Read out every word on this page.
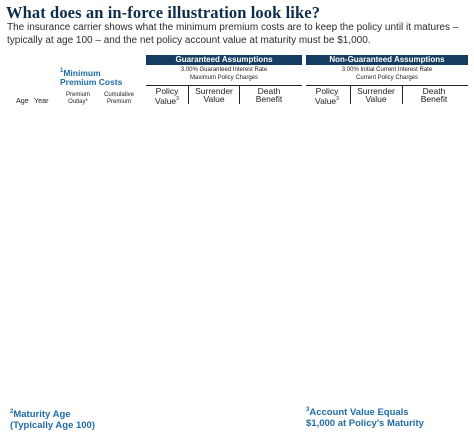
What does an in-force illustration look like?
The insurance carrier shows what the minimum premium costs are to keep the policy until it matures – typically at age 100 – and the net policy account value at maturity must be $1,000.
Guaranteed Assumptions
3.00% Guaranteed Interest Rate
Maximum Policy Charges
Non-Guaranteed Assumptions
3.00% Initial Current Interest Rate
Current Policy Charges
$^1$Minimum
Premium Costs
Age Year
Premium
Outlay*
Cumulative
Premium
Policy
Value$^3$
Surrender
Value
Death
Benefit
Policy
Value$^3$
Surrender
Value
Death
Benefit
$^2$Maturity Age
(Typically Age 100)
$^3$Account Value Equals
$1,000 at Policy's Maturity
